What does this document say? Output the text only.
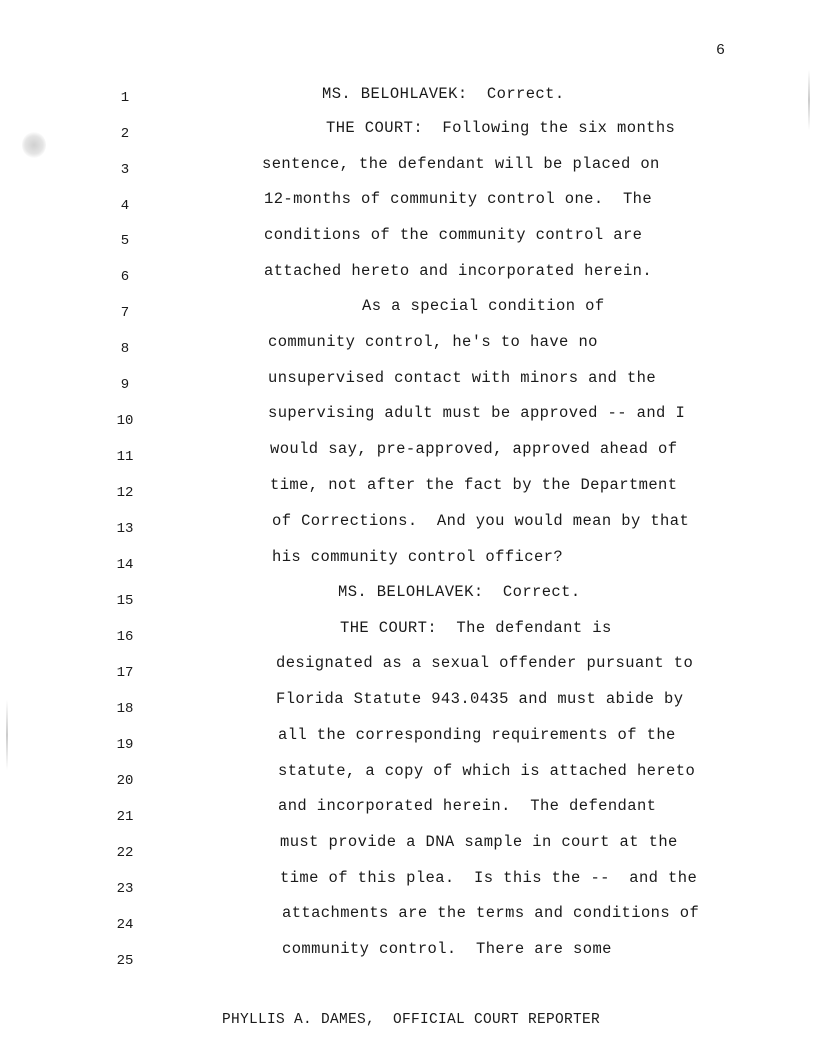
6
1
2
3
4
5
6
7
8
9
10
11
12
13
14
15
16
17
18
19
20
21
22
23
24
25
MS. BELOHLAVEK:  Correct.
THE COURT:  Following the six months
sentence, the defendant will be placed on
12-months of community control one.  The
conditions of the community control are
attached hereto and incorporated herein.
As a special condition of
community control, he's to have no
unsupervised contact with minors and the
supervising adult must be approved -- and I
would say, pre-approved, approved ahead of
time, not after the fact by the Department
of Corrections.  And you would mean by that
his community control officer?
MS. BELOHLAVEK:  Correct.
THE COURT:  The defendant is
designated as a sexual offender pursuant to
Florida Statute 943.0435 and must abide by
all the corresponding requirements of the
statute, a copy of which is attached hereto
and incorporated herein.  The defendant
must provide a DNA sample in court at the
time of this plea.  Is this the --  and the
attachments are the terms and conditions of
community control.  There are some
PHYLLIS A. DAMES,  OFFICIAL COURT REPORTER
